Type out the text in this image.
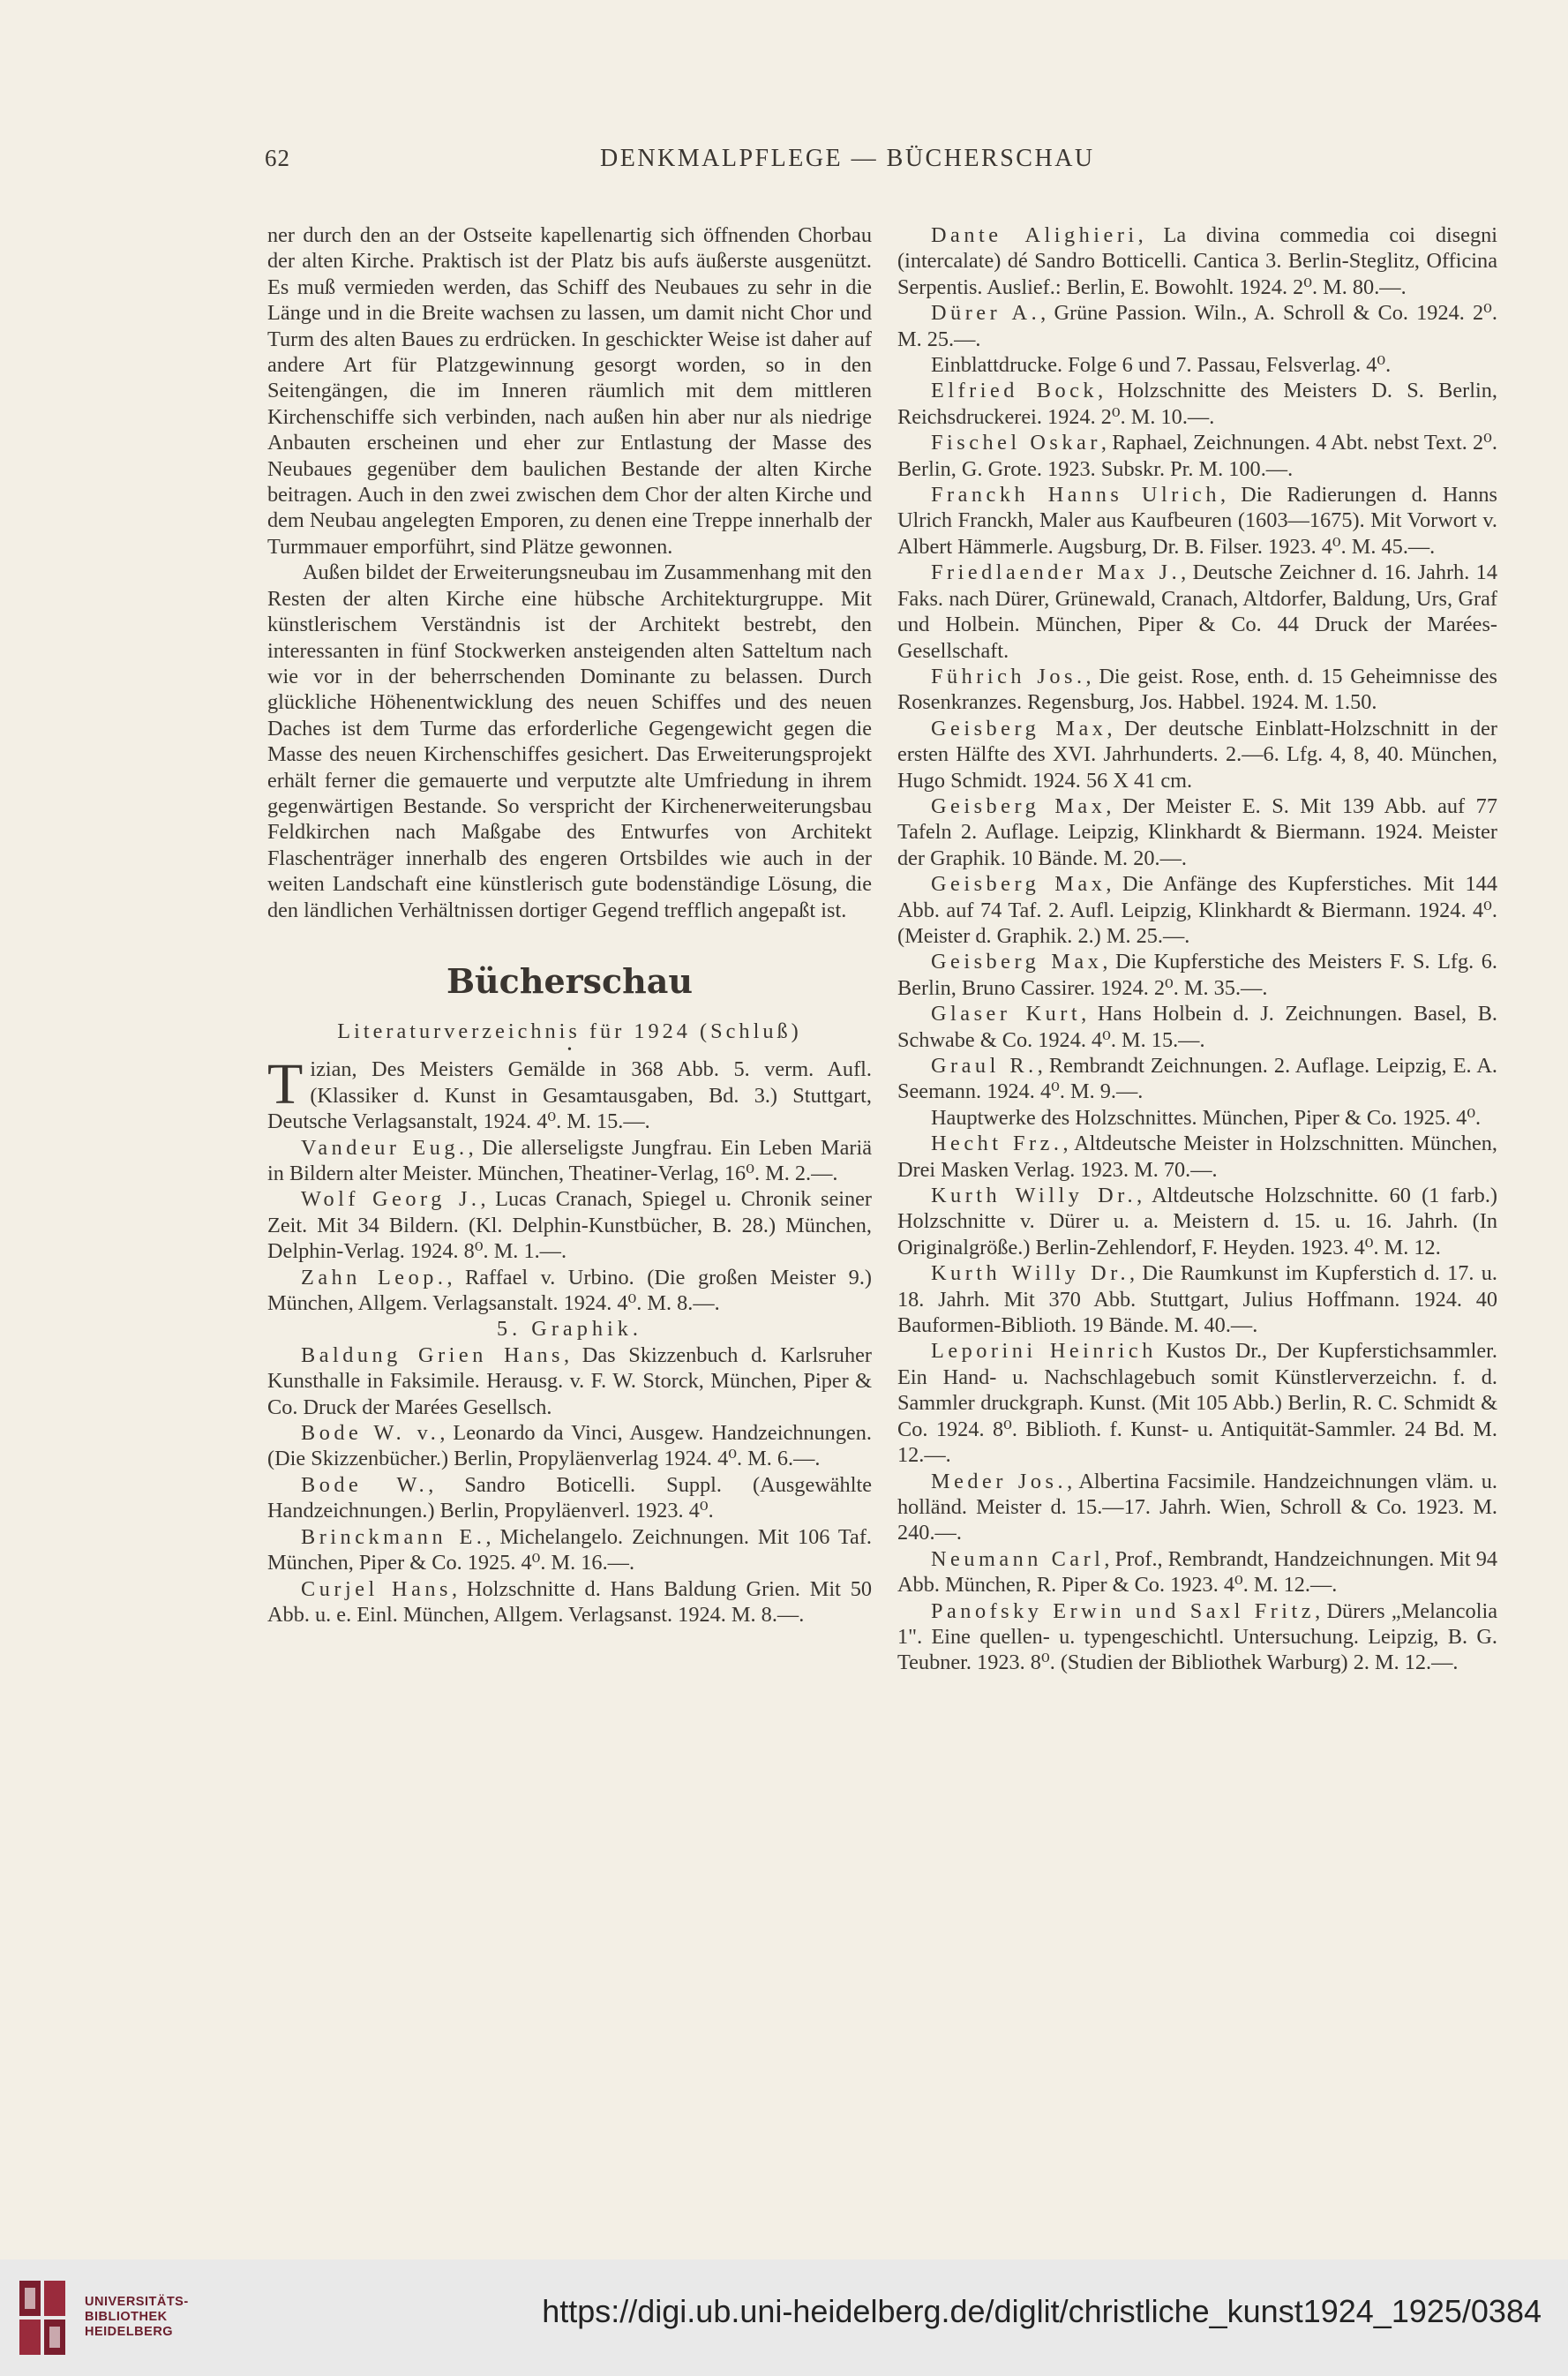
62	DENKMALPFLEGE — BÜCHERSCHAU

ner durch den an der Ostseite kapellenartig sich öffnenden Chorbau der alten Kirche. Praktisch ist der Platz bis aufs äußerste ausgenützt. Es muß vermieden werden, das Schiff des Neubaues zu sehr in die Länge und in die Breite wachsen zu lassen, um damit nicht Chor und Turm des alten Baues zu erdrücken. In geschickter Weise ist daher auf andere Art für Platzgewinnung gesorgt worden, so in den Seitengängen, die im Inneren räumlich mit dem mittleren Kirchenschiffe sich verbinden, nach außen hin aber nur als niedrige Anbauten erscheinen und eher zur Entlastung der Masse des Neubaues gegenüber dem baulichen Bestande der alten Kirche beitragen. Auch in den zwei zwischen dem Chor der alten Kirche und dem Neubau angelegten Emporen, zu denen eine Treppe innerhalb der Turmmauer emporführt, sind Plätze gewonnen.

Außen bildet der Erweiterungsneubau im Zusammenhang mit den Resten der alten Kirche eine hübsche Architekturgruppe. Mit künstlerischem Verständnis ist der Architekt bestrebt, den interessanten in fünf Stockwerken ansteigenden alten Satteltum nach wie vor in der beherrschenden Dominante zu belassen. Durch glückliche Höhenentwicklung des neuen Schiffes und des neuen Daches ist dem Turme das erforderliche Gegengewicht gegen die Masse des neuen Kirchenschiffes gesichert. Das Erweiterungsprojekt erhält ferner die gemauerte und verputzte alte Umfriedung in ihrem gegenwärtigen Bestande. So verspricht der Kirchenerweiterungsbau Feldkirchen nach Maßgabe des Entwurfes von Architekt Flaschenträger innerhalb des engeren Ortsbildes wie auch in der weiten Landschaft eine künstlerisch gute bodenständige Lösung, die den ländlichen Verhältnissen dortiger Gegend trefflich angepaßt ist.

Bücherschau

Literaturverzeichnis für 1924 (Schluß)

•

Tizian, Des Meisters Gemälde in 368 Abb. 5. verm. Aufl. (Klassiker d. Kunst in Gesamtausgaben, Bd. 3.) Stuttgart, Deutsche Verlagsanstalt, 1924. 4⁰. M. 15.—.

Vandeur Eug., Die allerseligste Jungfrau. Ein Leben Mariä in Bildern alter Meister. München, Theatiner-Verlag, 16⁰. M. 2.—.

Wolf Georg J., Lucas Cranach, Spiegel u. Chronik seiner Zeit. Mit 34 Bildern. (Kl. Delphin-Kunstbücher, B. 28.) München, Delphin-Verlag. 1924. 8⁰. M. 1.—.

Zahn Leop., Raffael v. Urbino. (Die großen Meister 9.) München, Allgem. Verlagsanstalt. 1924. 4⁰. M. 8.—.

5. Graphik.

Baldung Grien Hans, Das Skizzenbuch d. Karlsruher Kunsthalle in Faksimile. Herausg. v. F. W. Storck, München, Piper & Co. Druck der Marées Gesellsch.

Bode W. v., Leonardo da Vinci, Ausgew. Handzeichnungen. (Die Skizzenbücher.) Berlin, Propyläenverlag 1924. 4⁰. M. 6.—.

Bode W., Sandro Boticelli. Suppl. (Ausgewählte Handzeichnungen.) Berlin, Propyläenverl. 1923. 4⁰.

Brinckmann E., Michelangelo. Zeichnungen. Mit 106 Taf. München, Piper & Co. 1925. 4⁰. M. 16.—.

Curjel Hans, Holzschnitte d. Hans Baldung Grien. Mit 50 Abb. u. e. Einl. München, Allgem. Verlagsanst. 1924. M. 8.—.

Dante Alighieri, La divina commedia coi disegni (intercalate) dé Sandro Botticelli. Cantica 3. Berlin-Steglitz, Officina Serpentis. Auslief.: Berlin, E. Bowohlt. 1924. 2⁰. M. 80.—.

Dürer A., Grüne Passion. Wiln., A. Schroll & Co. 1924. 2⁰. M. 25.—.

Einblattdrucke. Folge 6 und 7. Passau, Felsverlag. 4⁰.

Elfried Bock, Holzschnitte des Meisters D. S. Berlin, Reichsdruckerei. 1924. 2⁰. M. 10.—.

Fischel Oskar, Raphael, Zeichnungen. 4 Abt. nebst Text. 2⁰. Berlin, G. Grote. 1923. Subskr. Pr. M. 100.—.

Franckh Hanns Ulrich, Die Radierungen d. Hanns Ulrich Franckh, Maler aus Kaufbeuren (1603—1675). Mit Vorwort v. Albert Hämmerle. Augsburg, Dr. B. Filser. 1923. 4⁰. M. 45.—.

Friedlaender Max J., Deutsche Zeichner d. 16. Jahrh. 14 Faks. nach Dürer, Grünewald, Cranach, Altdorfer, Baldung, Urs, Graf und Holbein. München, Piper & Co. 44 Druck der Marées-Gesellschaft.

Führich Jos., Die geist. Rose, enth. d. 15 Geheimnisse des Rosenkranzes. Regensburg, Jos. Habbel. 1924. M. 1.50.

Geisberg Max, Der deutsche Einblatt-Holzschnitt in der ersten Hälfte des XVI. Jahrhunderts. 2.—6. Lfg. 4, 8, 40. München, Hugo Schmidt. 1924. 56 X 41 cm.

Geisberg Max, Der Meister E. S. Mit 139 Abb. auf 77 Tafeln 2. Auflage. Leipzig, Klinkhardt & Biermann. 1924. Meister der Graphik. 10 Bände. M. 20.—.

Geisberg Max, Die Anfänge des Kupferstiches. Mit 144 Abb. auf 74 Taf. 2. Aufl. Leipzig, Klinkhardt & Biermann. 1924. 4⁰. (Meister d. Graphik. 2.) M. 25.—.

Geisberg Max, Die Kupferstiche des Meisters F. S. Lfg. 6. Berlin, Bruno Cassirer. 1924. 2⁰. M. 35.—.

Glaser Kurt, Hans Holbein d. J. Zeichnungen. Basel, B. Schwabe & Co. 1924. 4⁰. M. 15.—.

Graul R., Rembrandt Zeichnungen. 2. Auflage. Leipzig, E. A. Seemann. 1924. 4⁰. M. 9.—.

Hauptwerke des Holzschnittes. München, Piper & Co. 1925. 4⁰.

Hecht Frz., Altdeutsche Meister in Holzschnitten. München, Drei Masken Verlag. 1923. M. 70.—.

Kurth Willy Dr., Altdeutsche Holzschnitte. 60 (1 farb.) Holzschnitte v. Dürer u. a. Meistern d. 15. u. 16. Jahrh. (In Originalgröße.) Berlin-Zehlendorf, F. Heyden. 1923. 4⁰. M. 12.

Kurth Willy Dr., Die Raumkunst im Kupferstich d. 17. u. 18. Jahrh. Mit 370 Abb. Stuttgart, Julius Hoffmann. 1924. 40 Bauformen-Biblioth. 19 Bände. M. 40.—.

Leporini Heinrich Kustos Dr., Der Kupferstichsammler. Ein Hand- u. Nachschlagebuch somit Künstlerverzeichn. f. d. Sammler druckgraph. Kunst. (Mit 105 Abb.) Berlin, R. C. Schmidt & Co. 1924. 8⁰. Biblioth. f. Kunst- u. Antiquität-Sammler. 24 Bd. M. 12.—.

Meder Jos., Albertina Facsimile. Handzeichnungen vläm. u. holländ. Meister d. 15.—17. Jahrh. Wien, Schroll & Co. 1923. M. 240.—.

Neumann Carl, Prof., Rembrandt, Handzeichnungen. Mit 94 Abb. München, R. Piper & Co. 1923. 4⁰. M. 12.—.

Panofsky Erwin und Saxl Fritz, Dürers „Melancolia 1". Eine quellen- u. typengeschichtl. Untersuchung. Leipzig, B. G. Teubner. 1923. 8⁰. (Studien der Bibliothek Warburg) 2. M. 12.—.

UNIVERSITÄTS-
BIBLIOTHEK
HEIDELBERG
https://digi.ub.uni-heidelberg.de/diglit/christliche_kunst1924_1925/0384
